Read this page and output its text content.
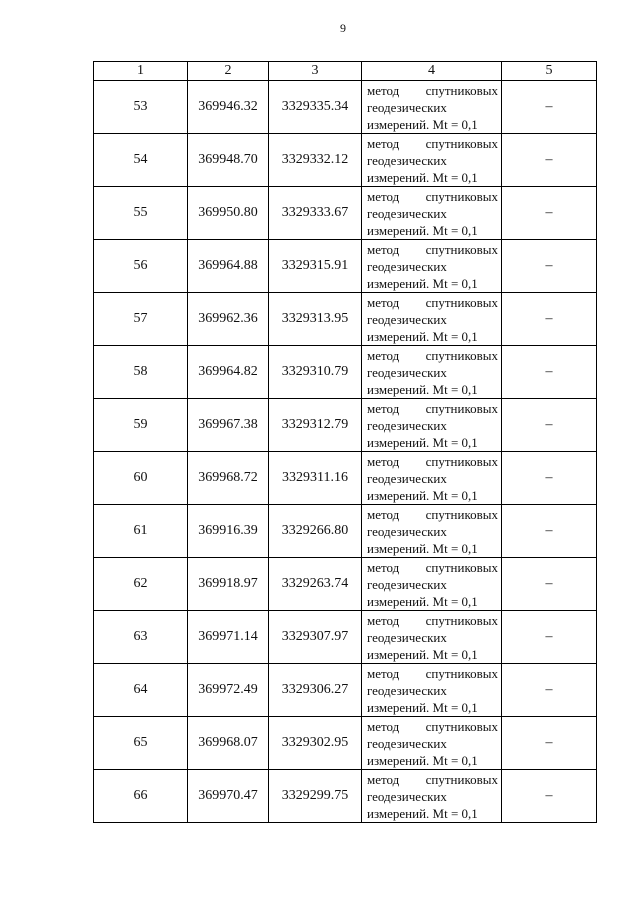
9
1	2	3	4	5
53	369946.32	3329335.34	метод спутниковых
геодезических
измерений. Mt = 0,1	–
54	369948.70	3329332.12	метод спутниковых
геодезических
измерений. Mt = 0,1	–
55	369950.80	3329333.67	метод спутниковых
геодезических
измерений. Mt = 0,1	–
56	369964.88	3329315.91	метод спутниковых
геодезических
измерений. Mt = 0,1	–
57	369962.36	3329313.95	метод спутниковых
геодезических
измерений. Mt = 0,1	–
58	369964.82	3329310.79	метод спутниковых
геодезических
измерений. Mt = 0,1	–
59	369967.38	3329312.79	метод спутниковых
геодезических
измерений. Mt = 0,1	–
60	369968.72	3329311.16	метод спутниковых
геодезических
измерений. Mt = 0,1	–
61	369916.39	3329266.80	метод спутниковых
геодезических
измерений. Mt = 0,1	–
62	369918.97	3329263.74	метод спутниковых
геодезических
измерений. Mt = 0,1	–
63	369971.14	3329307.97	метод спутниковых
геодезических
измерений. Mt = 0,1	–
64	369972.49	3329306.27	метод спутниковых
геодезических
измерений. Mt = 0,1	–
65	369968.07	3329302.95	метод спутниковых
геодезических
измерений. Mt = 0,1	–
66	369970.47	3329299.75	метод спутниковых
геодезических
измерений. Mt = 0,1	–
